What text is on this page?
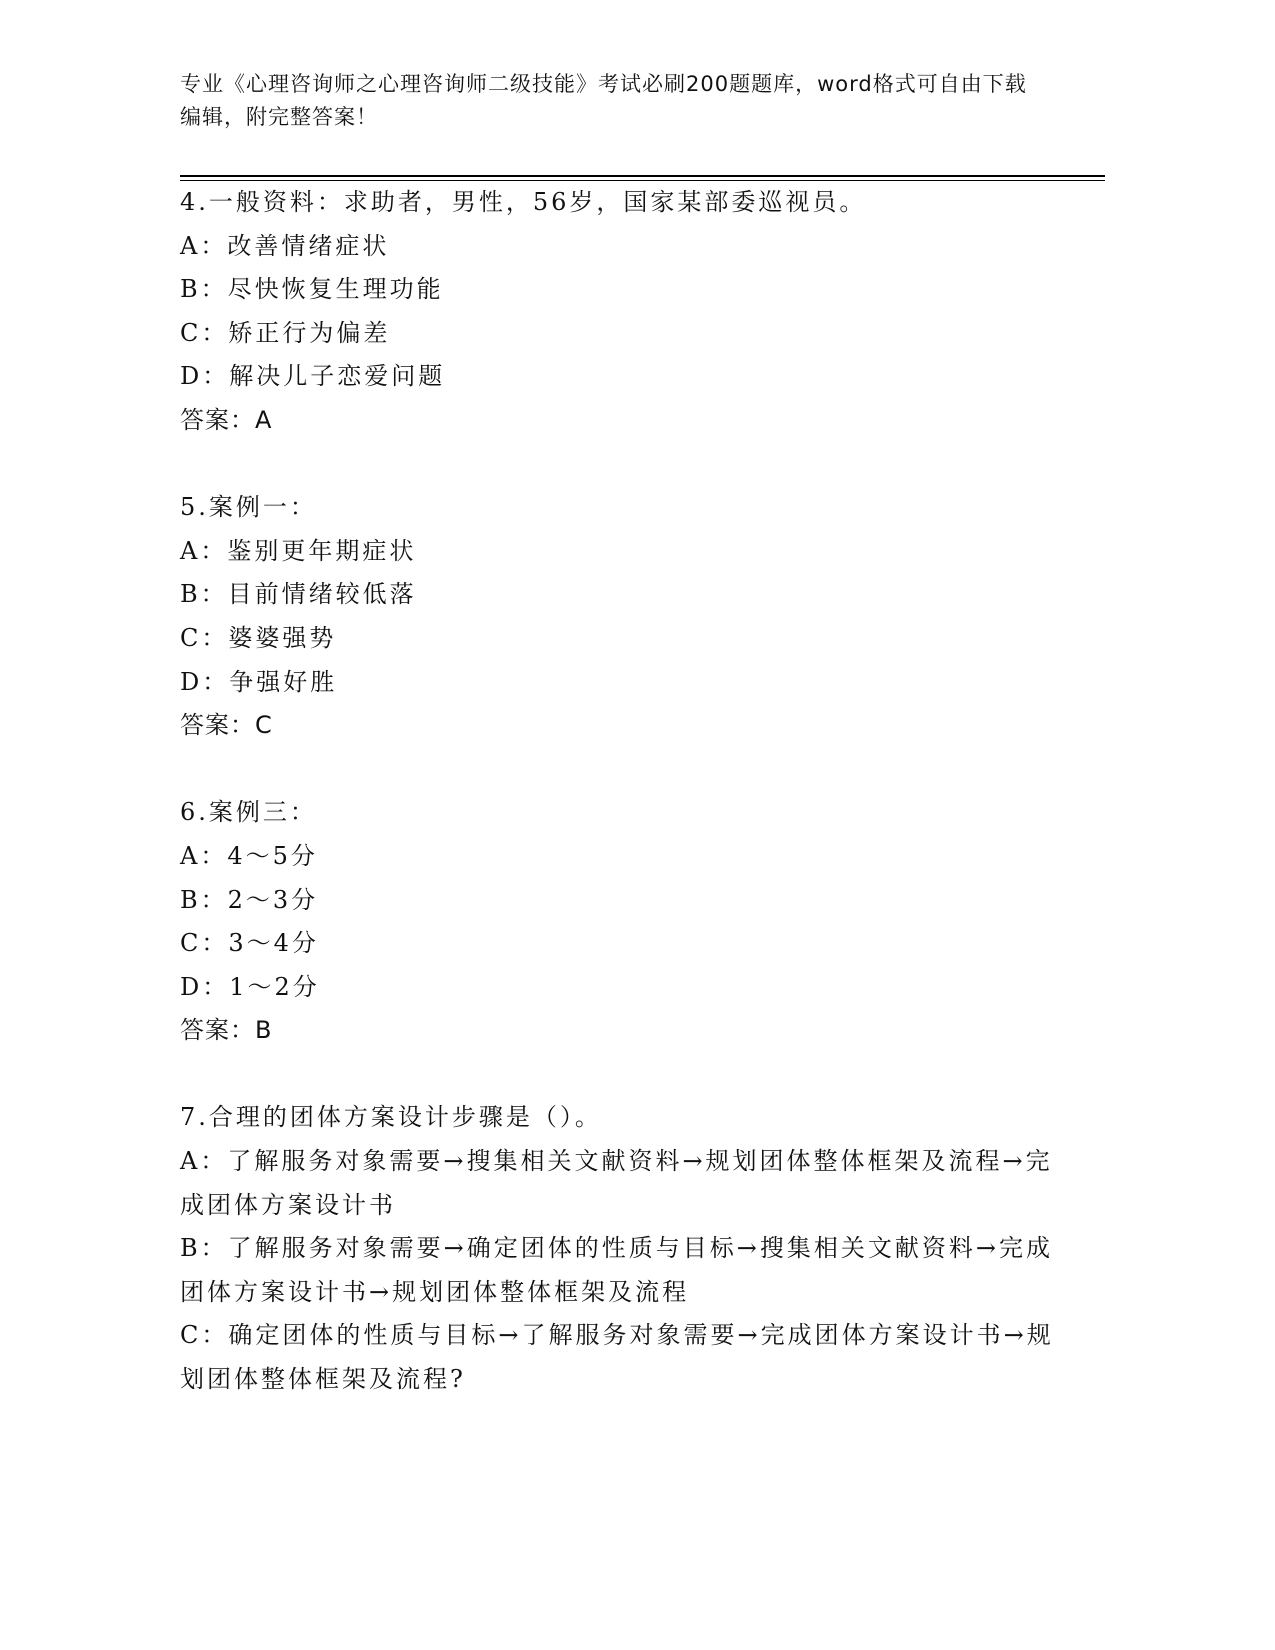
专业《心理咨询师之心理咨询师二级技能》考试必刷200题题库，word格式可自由下载编辑，附完整答案！
4.一般资料：求助者，男性，56岁，国家某部委巡视员。
A：改善情绪症状
B：尽快恢复生理功能
C：矫正行为偏差
D：解决儿子恋爱问题
答案：A
5.案例一：
A：鉴别更年期症状
B：目前情绪较低落
C：婆婆强势
D：争强好胜
答案：C
6.案例三：
A：4～5分
B：2～3分
C：3～4分
D：1～2分
答案：B
7.合理的团体方案设计步骤是（）。
A：了解服务对象需要→搜集相关文献资料→规划团体整体框架及流程→完成团体方案设计书
B：了解服务对象需要→确定团体的性质与目标→搜集相关文献资料→完成团体方案设计书→规划团体整体框架及流程
C：确定团体的性质与目标→了解服务对象需要→完成团体方案设计书→规划团体整体框架及流程?
